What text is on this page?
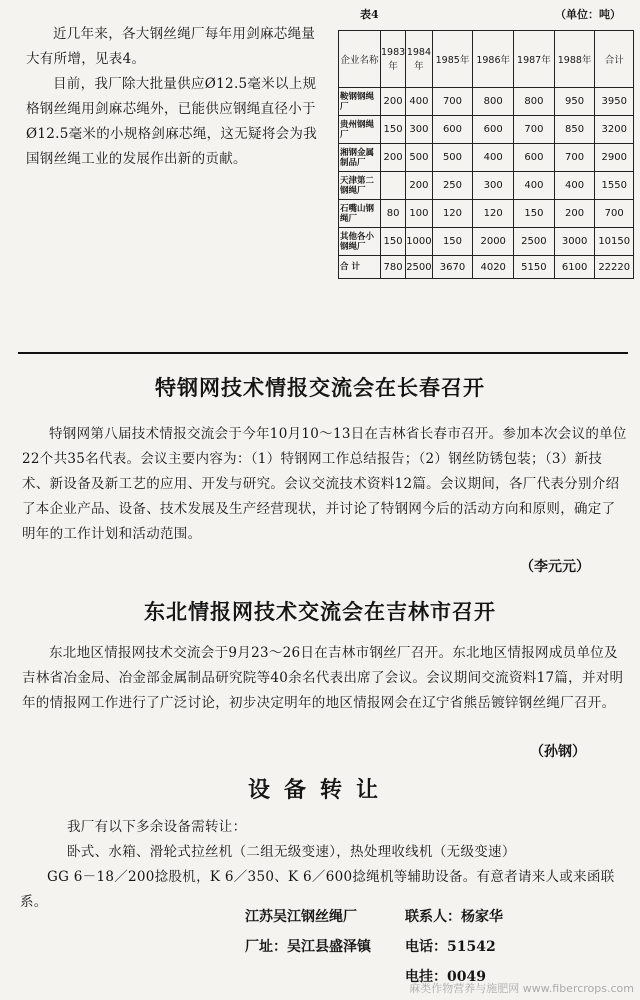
近几年来，各大钢丝绳厂每年用剑麻芯绳量大有所增，见表4。

目前，我厂除大批量供应Ø12.5毫米以上规格钢丝绳用剑麻芯绳外，已能供应钢绳直径小于Ø12.5毫米的小规格剑麻芯绳，这无疑将会为我国钢丝绳工业的发展作出新的贡献。

表4	（单位：吨）
企业名称	1983年	1984年	1985年	1986年	1987年	1988年	合计
鞍钢钢绳厂	200	400	700	800	800	950	3950
贵州钢绳厂	150	300	600	600	700	850	3200
湘钢金属制品厂	200	500	500	400	600	700	2900
天津第二钢绳厂		200	250	300	400	400	1550
石嘴山钢绳厂	80	100	120	120	150	200	700
其他各小钢绳厂	150	1000	150	2000	2500	3000	10150
合 计	780	2500	3670	4020	5150	6100	22220
特钢网技术情报交流会在长春召开

特钢网第八届技术情报交流会于今年10月10～13日在吉林省长春市召开。参加本次会议的单位22个共35名代表。会议主要内容为：（1）特钢网工作总结报告；（2）钢丝防锈包装；（3）新技术、新设备及新工艺的应用、开发与研究。会议交流技术资料12篇。会议期间，各厂代表分别介绍了本企业产品、设备、技术发展及生产经营现状，并讨论了特钢网今后的活动方向和原则，确定了明年的工作计划和活动范围。

（李元元）
东北情报网技术交流会在吉林市召开

东北地区情报网技术交流会于9月23～26日在吉林市钢丝厂召开。东北地区情报网成员单位及吉林省冶金局、冶金部金属制品研究院等40余名代表出席了会议。会议期间交流资料17篇，并对明年的情报网工作进行了广泛讨论，初步决定明年的地区情报网会在辽宁省熊岳镀锌钢丝绳厂召开。

（孙钢）
设备转让

我厂有以下多余设备需转让：

卧式、水箱、滑轮式拉丝机（二组无级变速），热处理收线机（无级变速）

GG 6－18／200捻股机，K 6／350、K 6／600捻绳机等辅助设备。有意者请来人或来函联系。

江苏吴江钢丝绳厂
厂址：吴江县盛泽镇
联系人：杨家华
电话：51542
电挂：0049
麻类作物营养与施肥网 www.fibercrops.com
